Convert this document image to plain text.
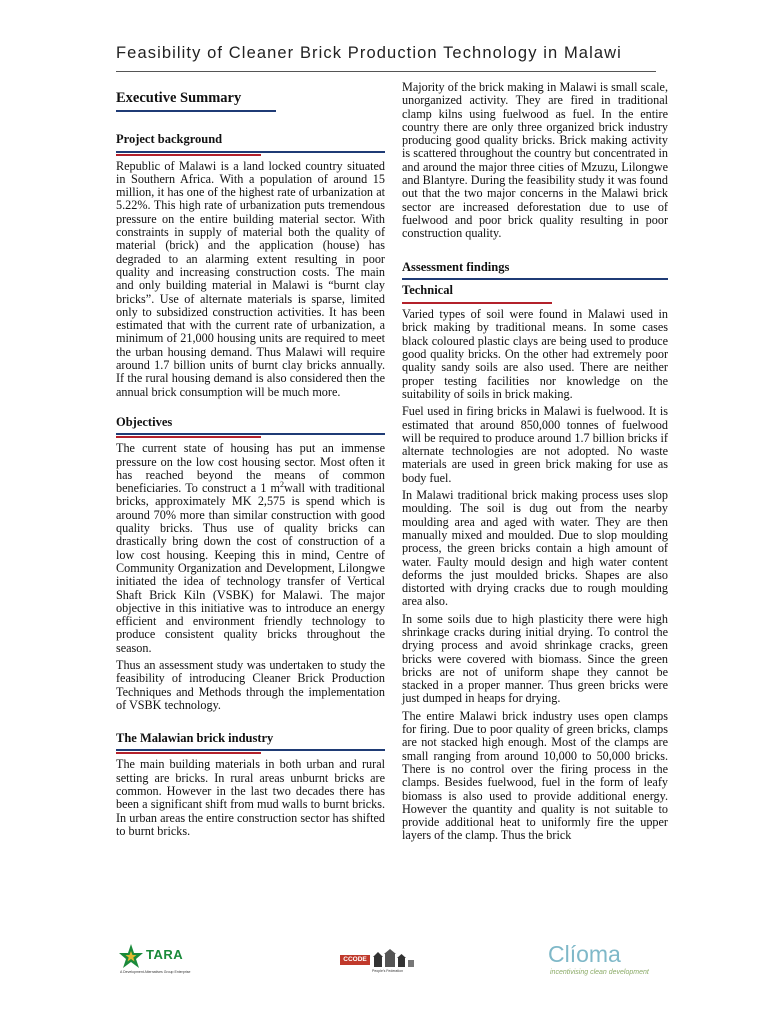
Feasibility of Cleaner Brick Production Technology in Malawi
Executive Summary
Project background

Republic of Malawi is a land locked country situated in Southern Africa. With a population of around 15 million, it has one of the highest rate of urbanization at 5.22%. This high rate of urbanization puts tremendous pressure on the entire building material sector. With constraints in supply of material both the quality of material (brick) and the application (house) has degraded to an alarming extent resulting in poor quality and increasing construction costs. The main and only building material in Malawi is “burnt clay bricks”. Use of alternate materials is sparse, limited only to subsidized construction activities. It has been estimated that with the current rate of urbanization, a minimum of 21,000 housing units are required to meet the urban housing demand. Thus Malawi will require around 1.7 billion units of burnt clay bricks annually. If the rural housing demand is also considered then the annual brick consumption will be much more.

Objectives

The current state of housing has put an immense pressure on the low cost housing sector. Most often it has reached beyond the means of common beneficiaries. To construct a 1 $m^2wall$ with traditional bricks, approximately MK 2,575 is spend which is around 70% more than similar construction with good quality bricks. Thus use of quality bricks can drastically bring down the cost of construction of a low cost housing. Keeping this in mind, Centre of Community Organization and Development, Lilongwe initiated the idea of technology transfer of Vertical Shaft Brick Kiln (VSBK) for Malawi. The major objective in this initiative was to introduce an energy efficient and environment friendly technology to produce consistent quality bricks throughout the season.

Thus an assessment study was undertaken to study the feasibility of introducing Cleaner Brick Production Techniques and Methods through the implementation of VSBK technology.

The Malawian brick industry

The main building materials in both urban and rural setting are bricks. In rural areas unburnt bricks are common. However in the last two decades there has been a significant shift from mud walls to burnt bricks. In urban areas the entire construction sector has shifted to burnt bricks.

Majority of the brick making in Malawi is small scale, unorganized activity. They are fired in traditional clamp kilns using fuelwood as fuel. In the entire country there are only three organized brick industry producing good quality bricks. Brick making activity is scattered throughout the country but concentrated in and around the major three cities of Mzuzu, Lilongwe and Blantyre. During the feasibility study it was found out that the two major concerns in the Malawi brick sector are increased deforestation due to use of fuelwood and poor brick quality resulting in poor construction quality.

Assessment findings
Technical

Varied types of soil were found in Malawi used in brick making by traditional means. In some cases black coloured plastic clays are being used to produce good quality bricks. On the other had extremely poor quality sandy soils are also used. There are neither proper testing facilities nor knowledge on the suitability of soils in brick making.

Fuel used in firing bricks in Malawi is fuelwood. It is estimated that around 850,000 tonnes of fuelwood will be required to produce around 1.7 billion bricks if alternate technologies are not adopted. No waste materials are used in green brick making for use as body fuel.

In Malawi traditional brick making process uses slop moulding. The soil is dug out from the nearby moulding area and aged with water. They are then manually mixed and moulded. Due to slop moulding process, the green bricks contain a high amount of water. Faulty mould design and high water content deforms the just moulded bricks. Shapes are also distorted with drying cracks due to rough moulding area also.

In some soils due to high plasticity there were high shrinkage cracks during initial drying. To control the drying process and avoid shrinkage cracks, green bricks were covered with biomass. Since the green bricks are not of uniform shape they cannot be stacked in a proper manner. Thus green bricks were just dumped in heaps for drying.

The entire Malawi brick industry uses open clamps for firing. Due to poor quality of green bricks, clamps are not stacked high enough. Most of the clamps are small ranging from around 10,000 to 50,000 bricks. There is no control over the firing process in the clamps. Besides fuelwood, fuel in the form of leafy biomass is also used to provide additional energy. However the quantity and quality is not suitable to provide additional heat to uniformly fire the upper layers of the clamp. Thus the brick

TARA
A Development Alternatives Group Enterprise
CCODE
People's Federation
Clíoma
incentivising clean development
